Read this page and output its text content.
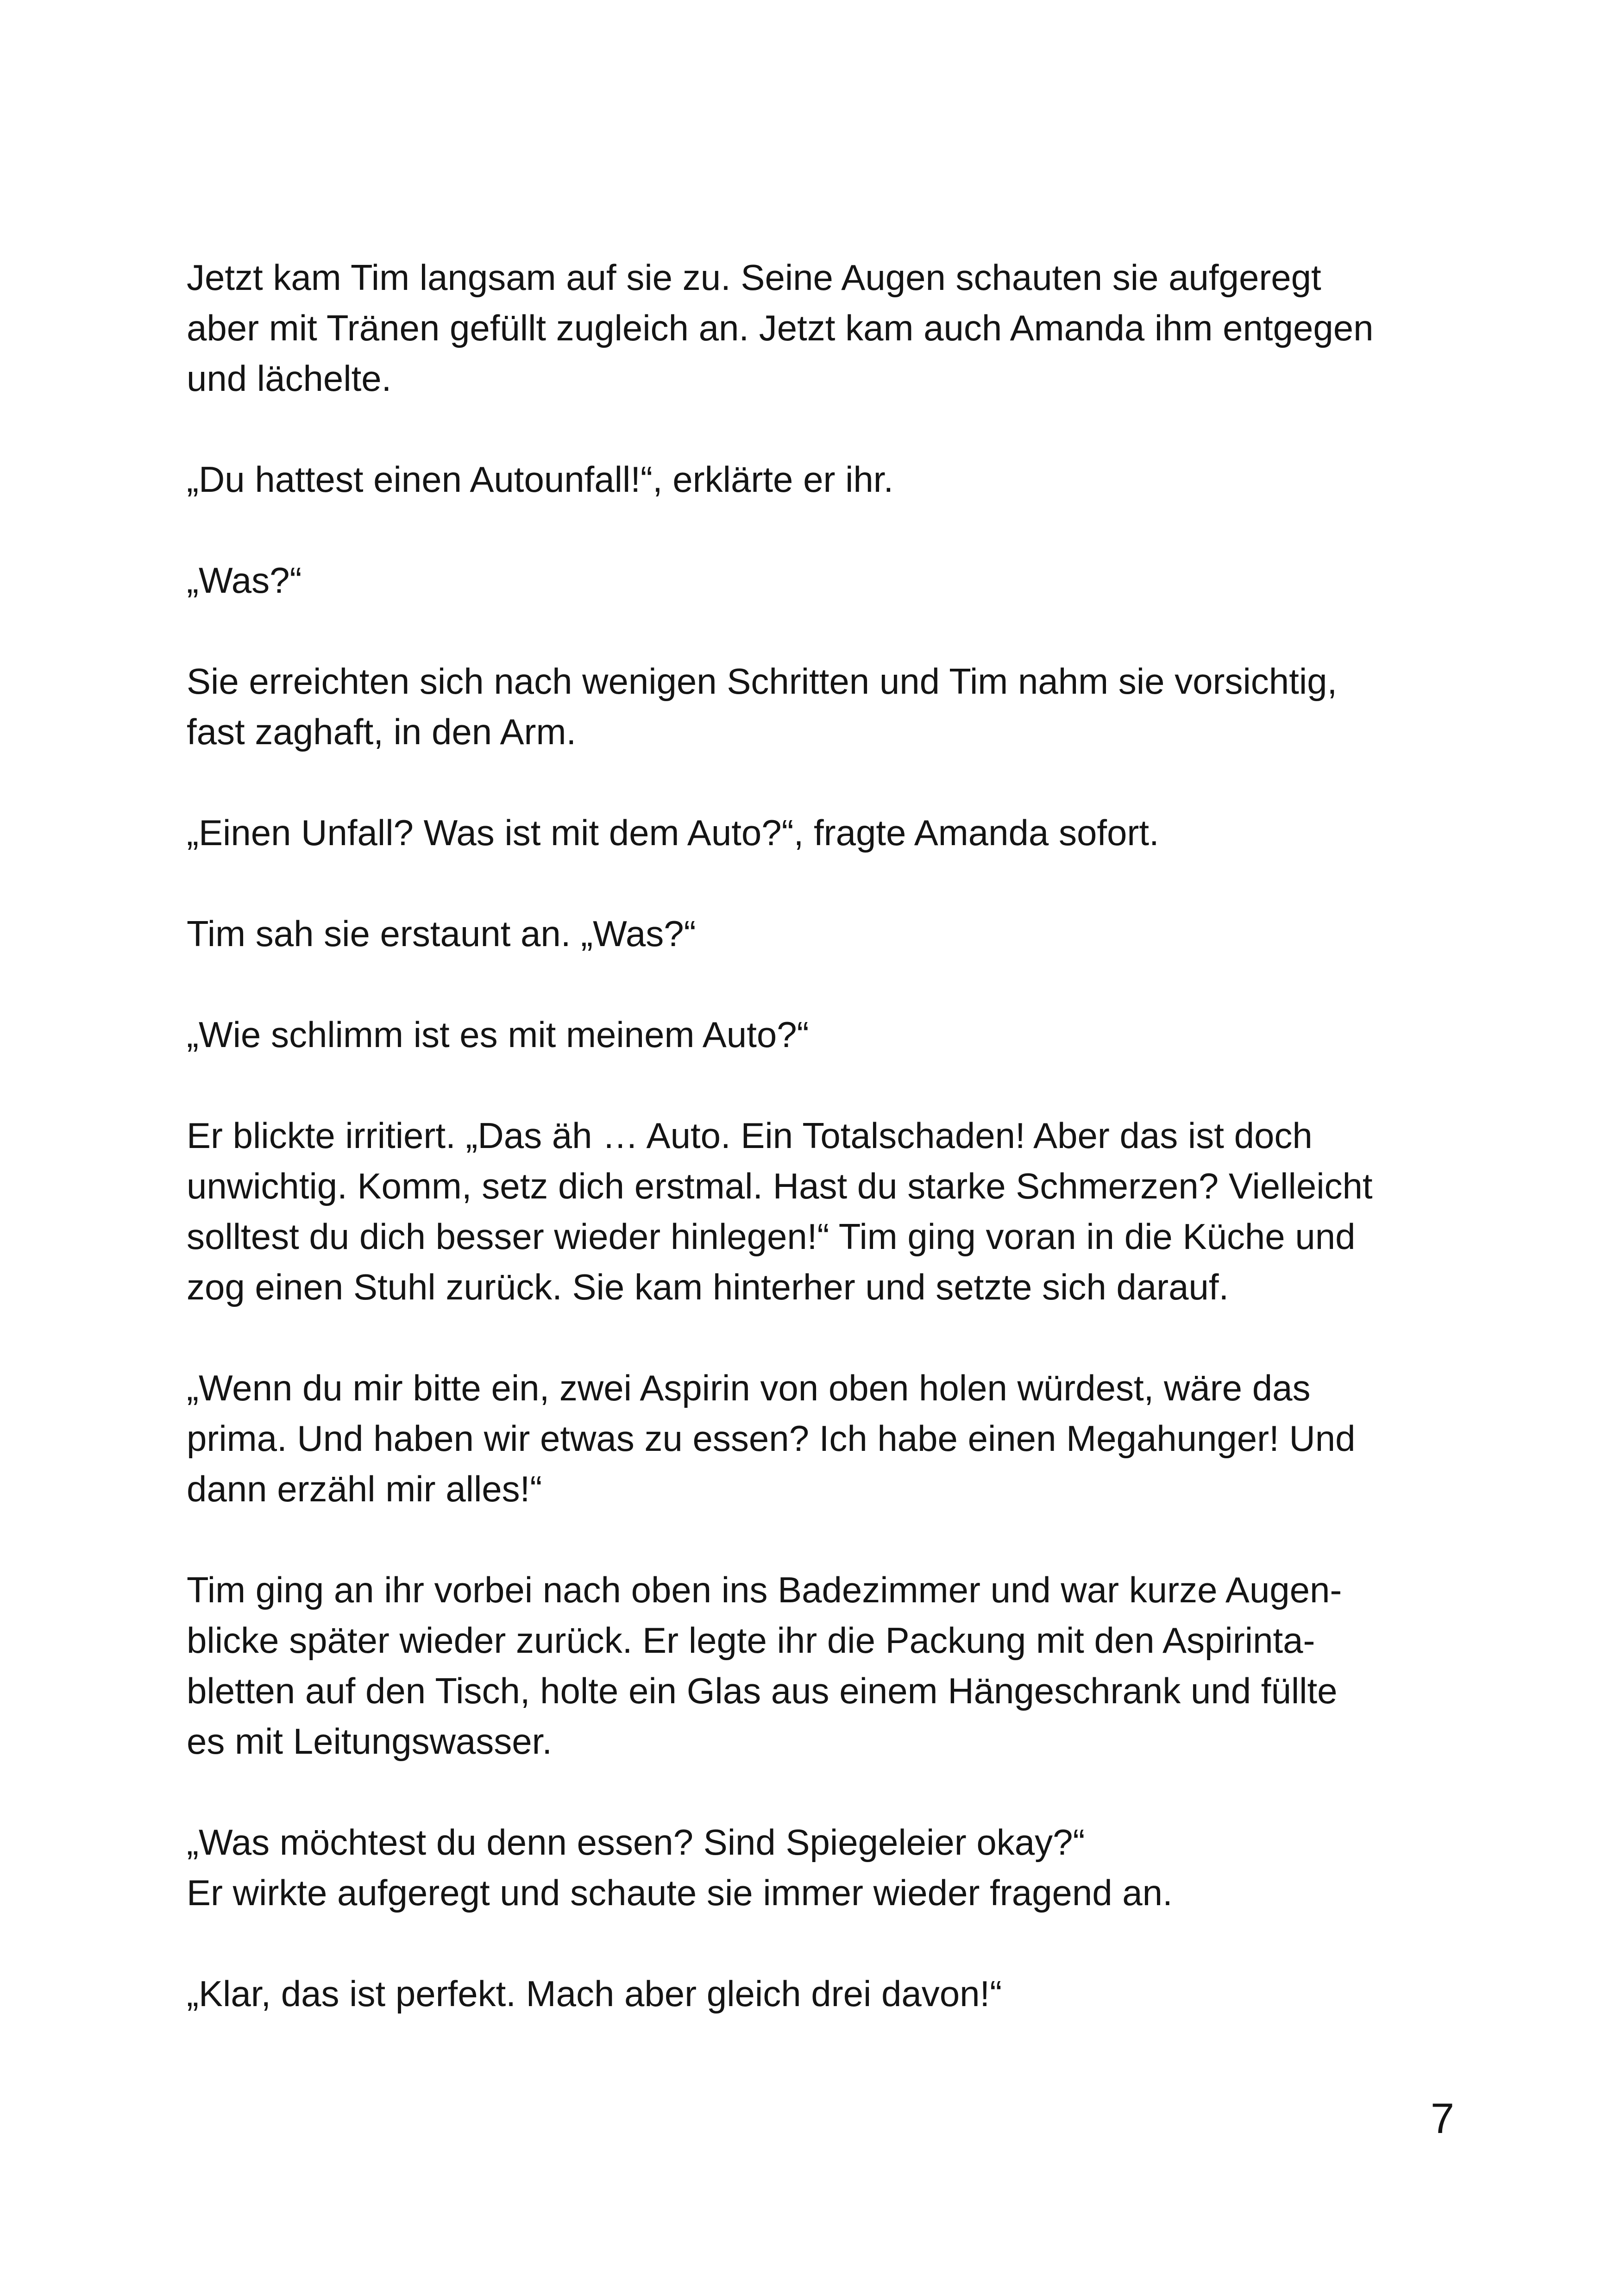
Jetzt kam Tim langsam auf sie zu. Seine Augen schauten sie aufgeregt
aber mit Tränen gefüllt zugleich an. Jetzt kam auch Amanda ihm entgegen
und lächelte.

„Du hattest einen Autounfall!“, erklärte er ihr.

„Was?“

Sie erreichten sich nach wenigen Schritten und Tim nahm sie vorsichtig,
fast zaghaft, in den Arm.

„Einen Unfall? Was ist mit dem Auto?“, fragte Amanda sofort.

Tim sah sie erstaunt an. „Was?“

„Wie schlimm ist es mit meinem Auto?“

Er blickte irritiert. „Das äh … Auto. Ein Totalschaden! Aber das ist doch
unwichtig. Komm, setz dich erstmal. Hast du starke Schmerzen? Vielleicht
solltest du dich besser wieder hinlegen!“ Tim ging voran in die Küche und
zog einen Stuhl zurück. Sie kam hinterher und setzte sich darauf.

„Wenn du mir bitte ein, zwei Aspirin von oben holen würdest, wäre das
prima. Und haben wir etwas zu essen? Ich habe einen Megahunger! Und
dann erzähl mir alles!“

Tim ging an ihr vorbei nach oben ins Badezimmer und war kurze Augen-
blicke später wieder zurück. Er legte ihr die Packung mit den Aspirinta-
bletten auf den Tisch, holte ein Glas aus einem Hängeschrank und füllte
es mit Leitungswasser.

„Was möchtest du denn essen? Sind Spiegeleier okay?“
Er wirkte aufgeregt und schaute sie immer wieder fragend an.

„Klar, das ist perfekt. Mach aber gleich drei davon!“

7
